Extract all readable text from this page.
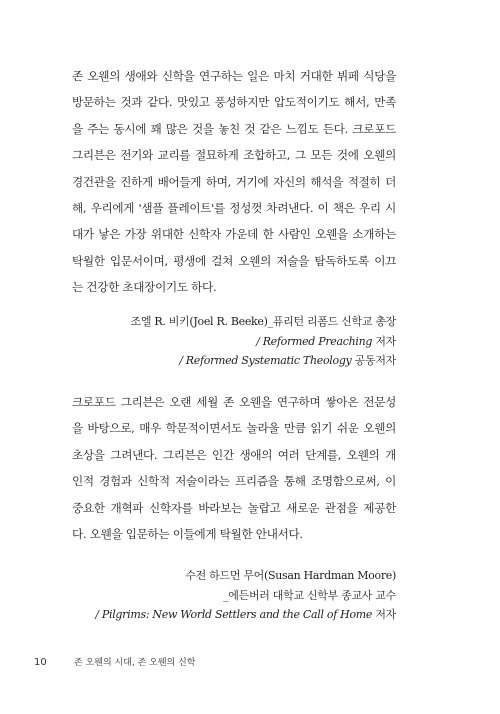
존 오웬의 생애와 신학을 연구하는 일은 마치 거대한 뷔페 식당을
방문하는 것과 같다. 맛있고 풍성하지만 압도적이기도 해서, 만족
을 주는 동시에 꽤 많은 것을 놓친 것 같은 느낌도 든다. 크로포드
그리븐은 전기와 교리를 절묘하게 조합하고, 그 모든 것에 오웬의
경건관을 진하게 배어들게 하며, 거기에 자신의 해석을 적절히 더
해, 우리에게 '샘플 플레이트'를 정성껏 차려낸다. 이 책은 우리 시
대가 낳은 가장 위대한 신학자 가운데 한 사람인 오웬을 소개하는
탁월한 입문서이며, 평생에 걸쳐 오웬의 저술을 탐독하도록 이끄
는 건강한 초대장이기도 하다.
조엘 R. 비키(Joel R. Beeke)_퓨리턴 리폼드 신학교 총장
/ Reformed Preaching 저자
/ Reformed Systematic Theology 공동저자
크로포드 그리븐은 오랜 세월 존 오웬을 연구하며 쌓아온 전문성
을 바탕으로, 매우 학문적이면서도 놀라울 만큼 읽기 쉬운 오웬의
초상을 그려낸다. 그리븐은 인간 생애의 여러 단계를, 오웬의 개
인적 경험과 신학적 저술이라는 프리즘을 통해 조명함으로써, 이
중요한 개혁파 신학자를 바라보는 놀랍고 새로운 관점을 제공한
다. 오웬을 입문하는 이들에게 탁월한 안내서다.
수전 하드먼 무어(Susan Hardman Moore)
_에든버러 대학교 신학부 종교사 교수
/ Pilgrims: New World Settlers and the Call of Home 저자
10	존 오웬의 시대, 존 오웬의 신학
